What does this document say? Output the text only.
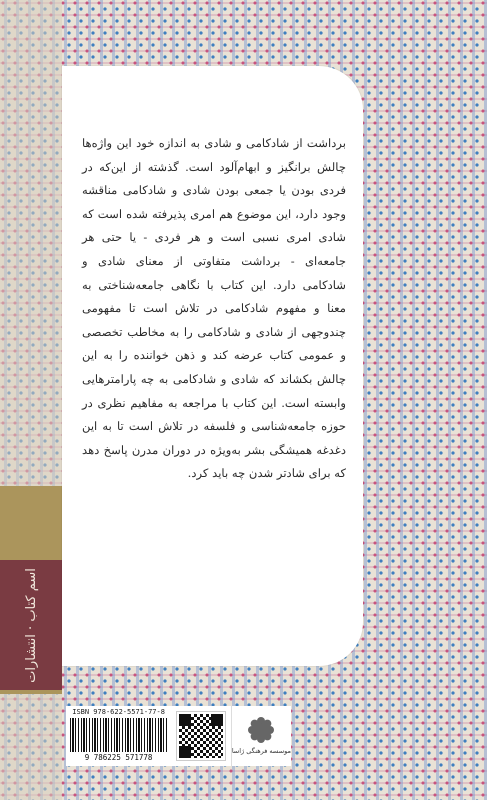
اسم کتاب · انتشارات

برداشت از شادکامی و شادی به اندازه خود این واژه‌ها چالش برانگیز و ابهام‌آلود است. گذشته از این‌که در فردی بودن یا جمعی بودن شادی و شادکامی مناقشه وجود دارد، این موضوع هم امری پذیرفته شده است که شادی امری نسبی است و هر فردی - یا حتی هر جامعه‌ای - برداشت متفاوتی از معنای شادی و شادکامی دارد. این کتاب با نگاهی جامعه‌شناختی به معنا و مفهوم شادکامی در تلاش است تا مفهومی چندوجهی از شادی و شادکامی را به مخاطب تخصصی و عمومی کتاب عرضه کند و ذهن خواننده را به این چالش بکشاند که شادی و شادکامی به چه پارامترهایی وابسته است. این کتاب با مراجعه به مفاهیم نظری در حوزه جامعه‌شناسی و فلسفه در تلاش است تا به این دغدغه همیشگی بشر به‌ویژه در دوران مدرن پاسخ دهد که برای شادتر شدن چه باید کرد.

ISBN 978-622-5571-77-8
9 786225 571778
موسسه فرهنگی ژاسا
